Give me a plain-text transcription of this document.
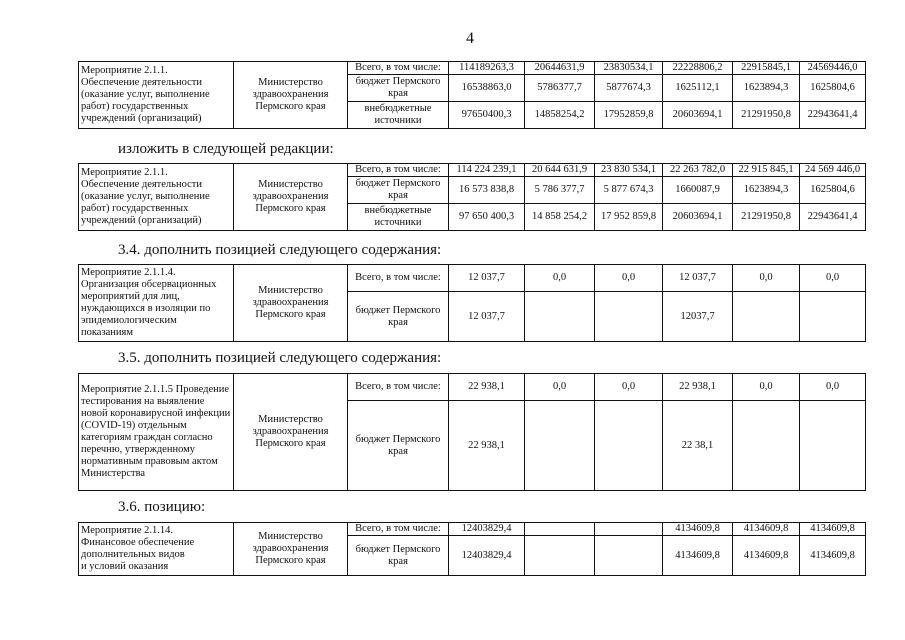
4
Мероприятие 2.1.1.
Обеспечение деятельности
(оказание услуг, выполнение
работ) государственных
учреждений (организаций)	Министерство здравоохранения Пермского края	Всего, в том числе:	114189263,3	20644631,9	23830534,1	22228806,2	22915845,1	24569446,0
		бюджет Пермского края	16538863,0	5786377,7	5877674,3	1625112,1	1623894,3	1625804,6
		внебюджетные источники	97650400,3	14858254,2	17952859,8	20603694,1	21291950,8	22943641,4
изложить в следующей редакции:
Мероприятие 2.1.1.
Обеспечение деятельности
(оказание услуг, выполнение
работ) государственных
учреждений (организаций)	Министерство здравоохранения Пермского края	Всего, в том числе:	114 224 239,1	20 644 631,9	23 830 534,1	22 263 782,0	22 915 845,1	24 569 446,0
		бюджет Пермского края	16 573 838,8	5 786 377,7	5 877 674,3	1660087,9	1623894,3	1625804,6
		внебюджетные источники	97 650 400,3	14 858 254,2	17 952 859,8	20603694,1	21291950,8	22943641,4
3.4. дополнить позицией следующего содержания:
Мероприятие 2.1.1.4. Организация обсервационных мероприятий для лиц, нуждающихся в изоляции по эпидемиологическим показаниям	Министерство здравоохранения Пермского края	Всего, в том числе:	12 037,7	0,0	0,0	12 037,7	0,0	0,0
		бюджет Пермского края	12 037,7			12037,7		
3.5. дополнить позицией следующего содержания:
Мероприятие 2.1.1.5 Проведение тестирования на выявление новой коронавирусной инфекции (COVID-19) отдельным категориям граждан согласно перечню, утвержденному нормативным правовым актом Министерства	Министерство здравоохранения Пермского края	Всего, в том числе:	22 938,1	0,0	0,0	22 938,1	0,0	0,0
		бюджет Пермского края	22 938,1			22 38,1		
3.6. позицию:
Мероприятие 2.1.14.
Финансовое обеспечение
дополнительных видов
и условий оказания	Министерство здравоохранения Пермского края	Всего, в том числе:	12403829,4			4134609,8	4134609,8	4134609,8
		бюджет Пермского края	12403829,4			4134609,8	4134609,8	4134609,8
